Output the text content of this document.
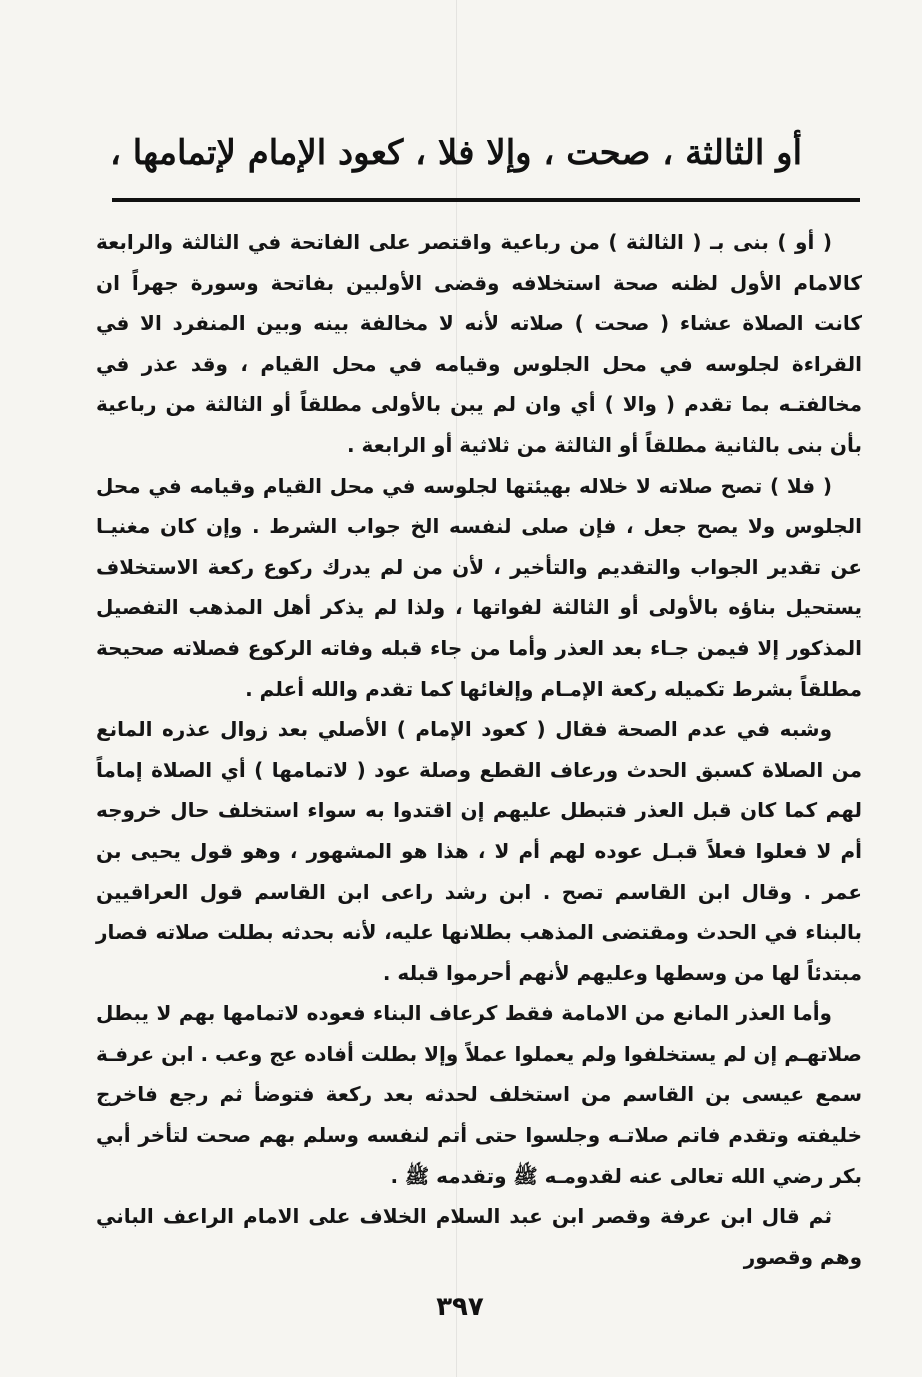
أو الثالثة ، صحت ، وإلا فلا ، كعود الإمام لإتمامها ،

( أو ) بنى بـ ( الثالثة ) من رباعية واقتصر على الفاتحة في الثالثة والرابعة كالامام الأول لظنه صحة استخلافه وقضى الأولبين بفاتحة وسورة جهراً ان كانت الصلاة عشاء ( صحت ) صلاته لأنه لا مخالفة بينه وبين المنفرد الا في القراءة لجلوسه في محل الجلوس وقيامه في محل القيام ، وقد عذر في مخالفتـه بما تقدم ( والا ) أي وان لم يبن بالأولى مطلقاً أو الثالثة من رباعية بأن بنى بالثانية مطلقاً أو الثالثة من ثلاثية أو الرابعة .

( فلا ) تصح صلاته لا خلاله بهيئتها لجلوسه في محل القيام وقيامه في محل الجلوس ولا يصح جعل ، فإن صلى لنفسه الخ جواب الشرط . وإن كان مغنيـا عن تقدير الجواب والتقديم والتأخير ، لأن من لم يدرك ركوع ركعة الاستخلاف يستحيل بناؤه بالأولى أو الثالثة لفواتها ، ولذا لم يذكر أهل المذهب التفصيل المذكور إلا فيمن جـاء بعد العذر وأما من جاء قبله وفاته الركوع فصلاته صحيحة مطلقاً بشرط تكميله ركعة الإمـام وإلغائها كما تقدم والله أعلم .

وشبه في عدم الصحة فقال ( كعود الإمام ) الأصلي بعد زوال عذره المانع من الصلاة كسبق الحدث ورعاف القطع وصلة عود ( لاتمامها ) أي الصلاة إماماً لهم كما كان قبل العذر فتبطل عليهم إن اقتدوا به سواء استخلف حال خروجه أم لا فعلوا فعلاً قبـل عوده لهم أم لا ، هذا هو المشهور ، وهو قول يحيى بن عمر . وقال ابن القاسم تصح . ابن رشد راعى ابن القاسم قول العراقيين بالبناء في الحدث ومقتضى المذهب بطلانها عليه، لأنه بحدثه بطلت صلاته فصار مبتدئاً لها من وسطها وعليهم لأنهم أحرموا قبله .

وأما العذر المانع من الامامة فقط كرعاف البناء فعوده لاتمامها بهم لا يبطل صلاتهـم إن لم يستخلفوا ولم يعملوا عملاً وإلا بطلت أفاده عج وعب . ابن عرفـة سمع عيسى بن القاسم من استخلف لحدثه بعد ركعة فتوضأ ثم رجع فاخرج خليفته وتقدم فاتم صلاتـه وجلسوا حتى أتم لنفسه وسلم بهم صحت لتأخر أبي بكر رضي الله تعالى عنه لقدومـه ﷺ وتقدمه ﷺ .

ثم قال ابن عرفة وقصر ابن عبد السلام الخلاف على الامام الراعف الباني وهم وقصور

٣٩٧
